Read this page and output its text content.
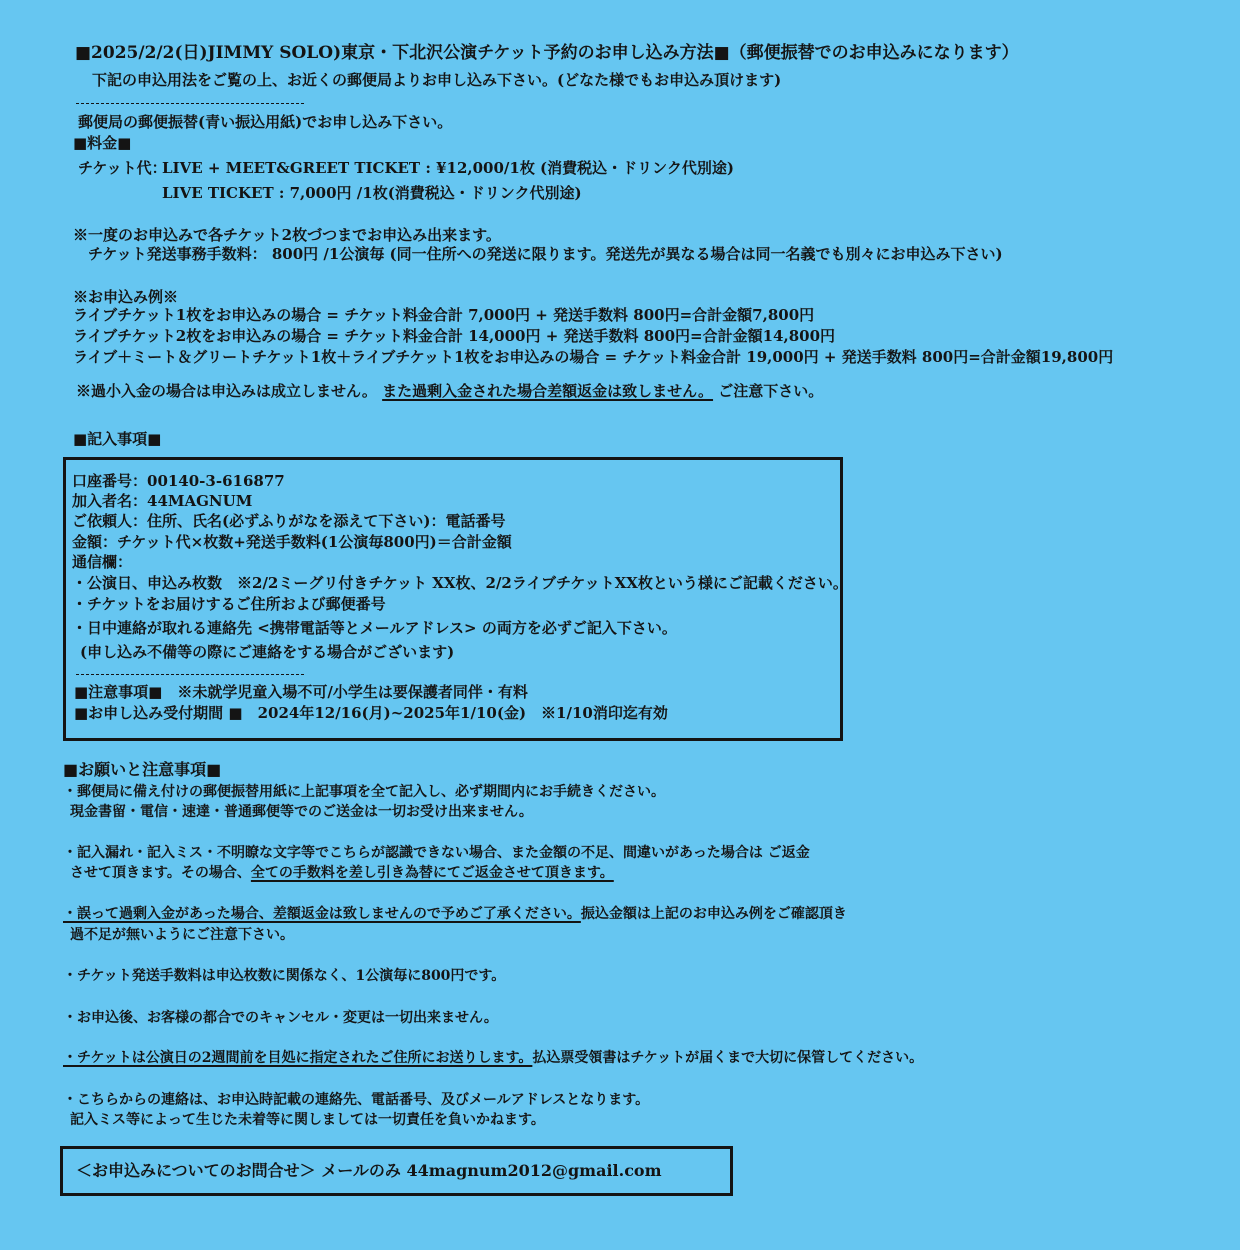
■2025/2/2(日)JIMMY SOLO)東京・下北沢公演チケット予約のお申し込み方法■（郵便振替でのお申込みになります）
下記の申込用法をご覧の上、お近くの郵便局よりお申し込み下さい。(どなた様でもお申込み頂けます)
郵便局の郵便振替(青い振込用紙)でお申し込み下さい。
■料金■
チケット代：
LIVE + MEET&GREET TICKET : ¥12,000/1枚 (消費税込・ドリンク代別途)
LIVE TICKET : 7,000円 /1枚(消費税込・ドリンク代別途)
※一度のお申込みで各チケット2枚づつまでお申込み出来ます。
チケット発送事務手数料： 800円 /1公演毎 (同一住所への発送に限ります。発送先が異なる場合は同一名義でも別々にお申込み下さい)
※お申込み例※
ライブチケット1枚をお申込みの場合 = チケット料金合計 7,000円 + 発送手数料 800円=合計金額7,800円
ライブチケット2枚をお申込みの場合 = チケット料金合計 14,000円 + 発送手数料 800円=合計金額14,800円
ライブ＋ミート＆グリートチケット1枚＋ライブチケット1枚をお申込みの場合 = チケット料金合計 19,000円 + 発送手数料 800円=合計金額19,800円
※過小入金の場合は申込みは成立しません。 また過剰入金された場合差額返金は致しません。 ご注意下さい。
■記入事項■
口座番号：00140-3-616877
加入者名：44MAGNUM
ご依頼人：住所、氏名(必ずふりがなを添えて下さい)：電話番号
金額：チケット代×枚数+発送手数料(1公演毎800円)＝合計金額
通信欄：
・公演日、申込み枚数　※2/2ミーグリ付きチケット XX枚、2/2ライブチケットXX枚という様にご記載ください。
・チケットをお届けするご住所および郵便番号
・日中連絡が取れる連絡先 <携帯電話等とメールアドレス> の両方を必ずご記入下さい。
(申し込み不備等の際にご連絡をする場合がございます)
■注意事項■　※未就学児童入場不可/小学生は要保護者同伴・有料
■お申し込み受付期間 ■　2024年12/16(月)~2025年1/10(金)　※1/10消印迄有効
■お願いと注意事項■
・郵便局に備え付けの郵便振替用紙に上記事項を全て記入し、必ず期間内にお手続きください。
現金書留・電信・速達・普通郵便等でのご送金は一切お受け出来ません。
・記入漏れ・記入ミス・不明瞭な文字等でこちらが認識できない場合、また金額の不足、間違いがあった場合は ご返金
させて頂きます。その場合、全ての手数料を差し引き為替にてご返金させて頂きます。
・誤って過剰入金があった場合、差額返金は致しませんので予めご了承ください。振込金額は上記のお申込み例をご確認頂き
過不足が無いようにご注意下さい。
・チケット発送手数料は申込枚数に関係なく、1公演毎に800円です。
・お申込後、お客様の都合でのキャンセル・変更は一切出来ません。
・チケットは公演日の2週間前を目処に指定されたご住所にお送りします。払込票受領書はチケットが届くまで大切に保管してください。
・こちらからの連絡は、お申込時記載の連絡先、電話番号、及びメールアドレスとなります。
記入ミス等によって生じた未着等に関しましては一切責任を負いかねます。
＜お申込みについてのお問合せ＞ メールのみ 44magnum2012@gmail.com
